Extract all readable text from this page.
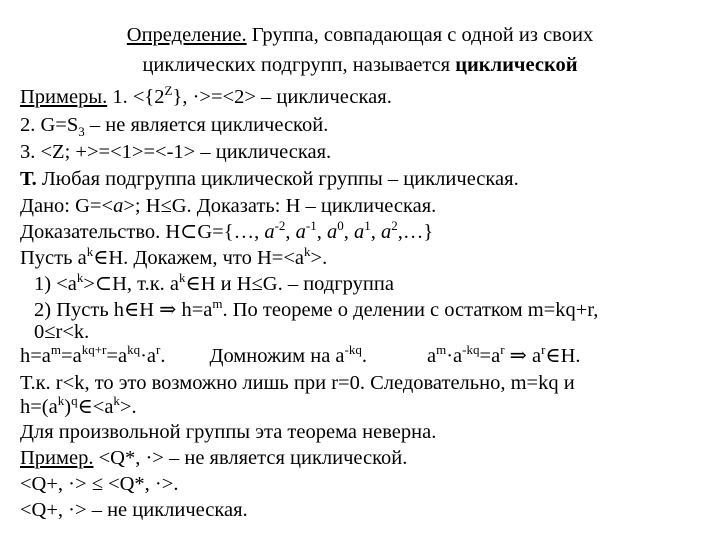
Определение. Группа, совпадающая с одной из своих
циклических подгрупп, называется циклической
Примеры. 1. $<\{2^Z\}$, ·>=<2> – циклическая.
2. $G=S_3$ – не является циклической.
3. <Z; +>=<1>=<-1> – циклическая.
Т. Любая подгруппа циклической группы – циклическая.
Дано: G=<a>; H≤G. Доказать: H – циклическая.
Доказательство. H⊂G={…, $a^{-2}$, $a^{-1}$, $a^0$, $a^1$, $a^2,\dots$}
Пусть $a^k\in H$. Докажем, что $H=<a^k>$.
$1) <a^k>\subset H$, т.к. $a^k\in H$ и H≤G. – подгруппа
2) Пусть h∈H ⇒ $h=a^m$. По теореме о делении с остатком m=kq+r,
0≤r<k.
$h=a^m=a^{kq+r}=a^{kq}\cdot a^r$. Домножим на $a^{-kq}$.	$a^m\cdot a^{-kq}=a^r$ ⇒ $a^r\in H$.
Т.к. r<k, то это возможно лишь при r=0. Следовательно, m=kq и
$h=(a^k)^q\in<a^k>$.
Для произвольной группы эта теорема неверна.
Пример. <Q*, ·> – не является циклической.
<Q+, ·> ≤ <Q*, ·>.
<Q+, ·> – не циклическая.
